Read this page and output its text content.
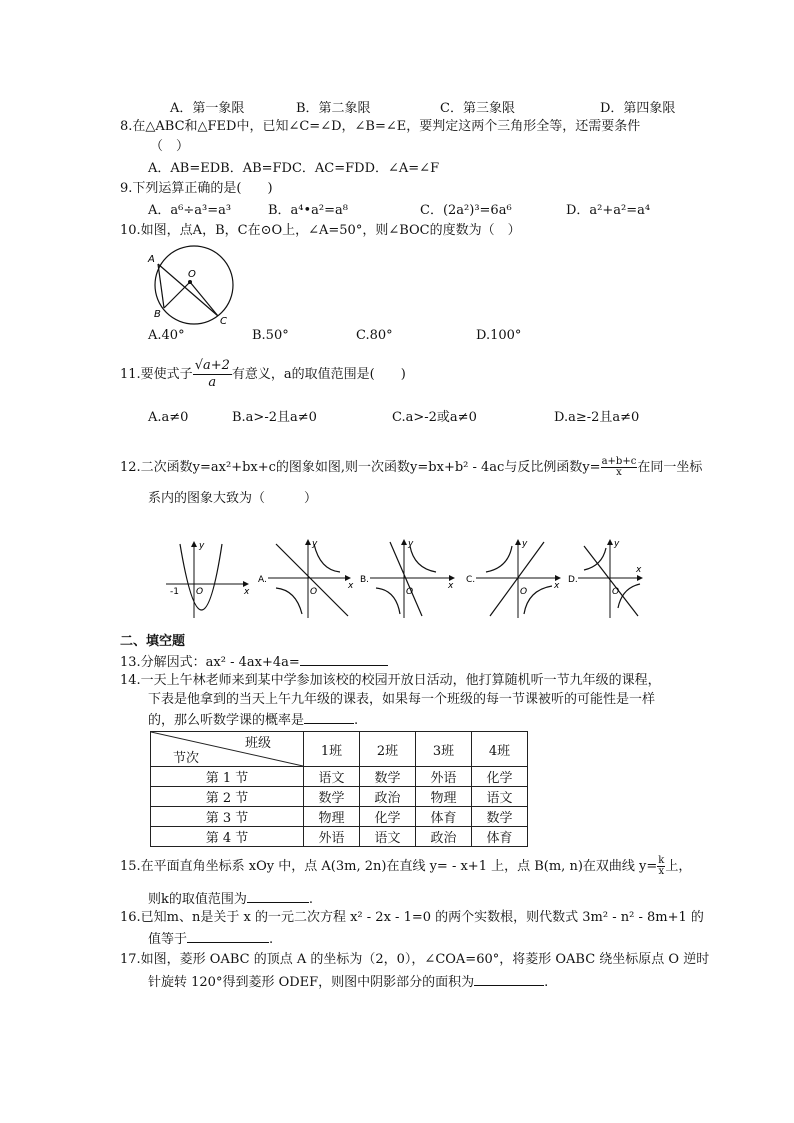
A．第一象限	B．第二象限	C．第三象限	D．第四象限
8.在△ABC和△FED中，已知∠C=∠D，∠B=∠E，要判定这两个三角形全等，还需要条件
（　）
A．AB=EDB．AB=FDC．AC=FDD．∠A=∠F
9.下列运算正确的是(　　)
A．a⁶÷a³=a³	B．a⁴•a²=a⁸	C．(2a²)³=6a⁶	D．a²+a²=a⁴
10.如图，点A，B，C在⊙O上，∠A=50°，则∠BOC的度数为（　）
A
B
C
O
A.40°	B.50°	C.80°	D.100°
11.要使式子 $\frac{√a+2}{a}$ 有意义，a的取值范围是(　　)
A.a≠0	B.a>-2且a≠0	C.a>-2或a≠0	D.a≥-2且a≠0
12.二次函数y=ax²+bx+c的图象如图,则一次函数y=bx+b² - 4ac与反比例函数$y= \frac{a+b+c}{x}$ 在同一坐标
系内的图象大致为（　　　）
y
x
O
-1
A.
y
x
O
B.
y
x
O
C.
y
x
O
D.
y
x
O
二、填空题
13.分解因式：ax² - 4ax+4a=
14.一天上午林老师来到某中学参加该校的校园开放日活动，他打算随机听一节九年级的课程，
下表是他拿到的当天上午九年级的课表，如果每一个班级的每一节课被听的可能性是一样
的，那么听数学课的概率是	.
班级
节次	1班	2班	3班	4班
第 1 节	语文	数学	外语	化学
第 2 节	数学	政治	物理	语文
第 3 节	物理	化学	体育	数学
第 4 节	外语	语文	政治	体育
15.在平面直角坐标系 xOy 中，点 A(3m, 2n)在直线 y= - x+1 上，点 B(m, n)在双曲线 $y= \frac{k}{x}$ 上，
则k的取值范围为	.
16.已知m、n是关于 x 的一元二次方程 x² - 2x - 1=0 的两个实数根，则代数式 3m² - n² - 8m+1 的
值等于	.
17.如图，菱形 OABC 的顶点 A 的坐标为（2，0），∠COA=60°，将菱形 OABC 绕坐标原点 O 逆时
针旋转 120°得到菱形 ODEF，则图中阴影部分的面积为	.
